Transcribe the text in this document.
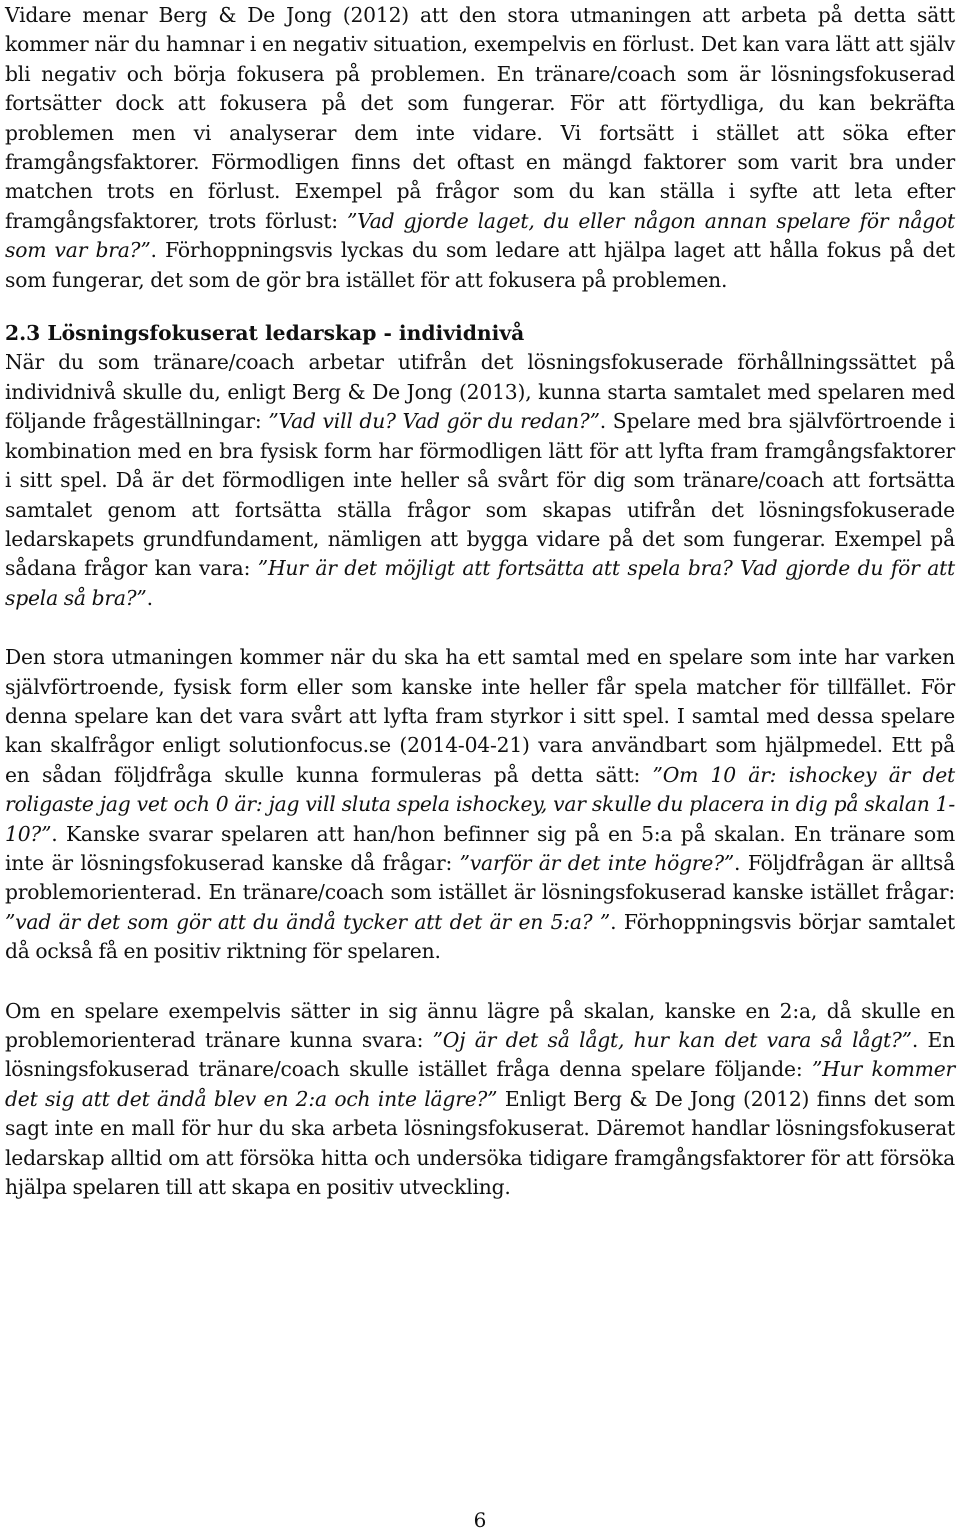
Vidare menar Berg & De Jong (2012) att den stora utmaningen att arbeta på detta sätt kommer när du hamnar i en negativ situation, exempelvis en förlust. Det kan vara lätt att själv bli negativ och börja fokusera på problemen. En tränare/coach som är lösningsfokuserad fortsätter dock att fokusera på det som fungerar. För att förtydliga, du kan bekräfta problemen men vi analyserar dem inte vidare. Vi fortsätt i stället att söka efter framgångsfaktorer. Förmodligen finns det oftast en mängd faktorer som varit bra under matchen trots en förlust. Exempel på frågor som du kan ställa i syfte att leta efter framgångsfaktorer, trots förlust: ”Vad gjorde laget, du eller någon annan spelare för något som var bra?”. Förhoppningsvis lyckas du som ledare att hjälpa laget att hålla fokus på det som fungerar, det som de gör bra istället för att fokusera på problemen.

2.3 Lösningsfokuserat ledarskap - individnivå

När du som tränare/coach arbetar utifrån det lösningsfokuserade förhållningssättet på individnivå skulle du, enligt Berg & De Jong (2013), kunna starta samtalet med spelaren med följande frågeställningar: ”Vad vill du? Vad gör du redan?”. Spelare med bra självförtroende i kombination med en bra fysisk form har förmodligen lätt för att lyfta fram framgångsfaktorer i sitt spel. Då är det förmodligen inte heller så svårt för dig som tränare/coach att fortsätta samtalet genom att fortsätta ställa frågor som skapas utifrån det lösningsfokuserade ledarskapets grundfundament, nämligen att bygga vidare på det som fungerar. Exempel på sådana frågor kan vara: ”Hur är det möjligt att fortsätta att spela bra? Vad gjorde du för att spela så bra?”.

Den stora utmaningen kommer när du ska ha ett samtal med en spelare som inte har varken självförtroende, fysisk form eller som kanske inte heller får spela matcher för tillfället. För denna spelare kan det vara svårt att lyfta fram styrkor i sitt spel. I samtal med dessa spelare kan skalfrågor enligt solutionfocus.se (2014-04-21) vara användbart som hjälpmedel. Ett på en sådan följdfråga skulle kunna formuleras på detta sätt: ”Om 10 är: ishockey är det roligaste jag vet och 0 är: jag vill sluta spela ishockey, var skulle du placera in dig på skalan 1-10?”. Kanske svarar spelaren att han/hon befinner sig på en 5:a på skalan. En tränare som inte är lösningsfokuserad kanske då frågar: ”varför är det inte högre?”. Följdfrågan är alltså problemorienterad. En tränare/coach som istället är lösningsfokuserad kanske istället frågar: ”vad är det som gör att du ändå tycker att det är en 5:a? ”. Förhoppningsvis börjar samtalet då också få en positiv riktning för spelaren.

Om en spelare exempelvis sätter in sig ännu lägre på skalan, kanske en 2:a, då skulle en problemorienterad tränare kunna svara: ”Oj är det så lågt, hur kan det vara så lågt?”. En lösningsfokuserad tränare/coach skulle istället fråga denna spelare följande: ”Hur kommer det sig att det ändå blev en 2:a och inte lägre?” Enligt Berg & De Jong (2012) finns det som sagt inte en mall för hur du ska arbeta lösningsfokuserat. Däremot handlar lösningsfokuserat ledarskap alltid om att försöka hitta och undersöka tidigare framgångsfaktorer för att försöka hjälpa spelaren till att skapa en positiv utveckling.

6
